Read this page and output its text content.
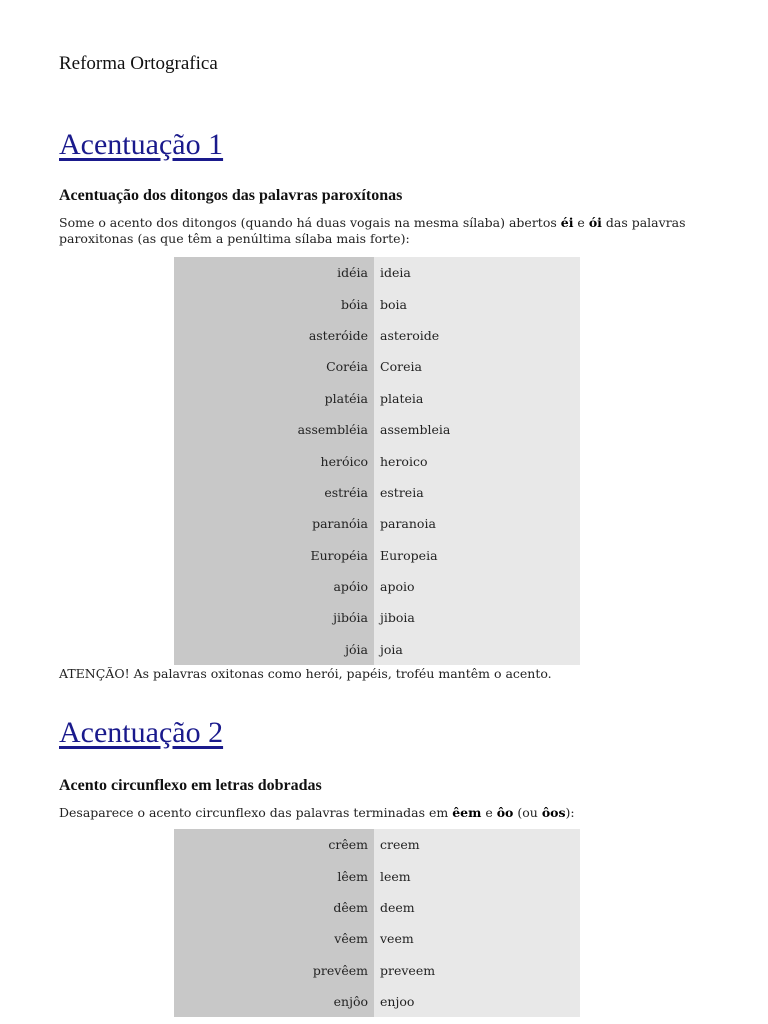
Reforma Ortografica
Acentuação 1
Acentuação dos ditongos das palavras paroxítonas
Some o acento dos ditongos (quando há duas vogais na mesma sílaba) abertos éi e ói das palavras paroxitonas (as que têm a penúltima sílaba mais forte):
idéia	ideia
bóia	boia
asteróide	asteroide
Coréia	Coreia
platéia	plateia
assembléia	assembleia
heróico	heroico
estréia	estreia
paranóia	paranoia
Européia	Europeia
apóio	apoio
jibóia	jiboia
jóia	joia
ATENÇÃO! As palavras oxitonas como herói, papéis, troféu mantêm o acento.
Acentuação 2
Acento circunflexo em letras dobradas
Desaparece o acento circunflexo das palavras terminadas em êem e ôo (ou ôos):
crêem	creem
lêem	leem
dêem	deem
vêem	veem
prevêem	preveem
enjôo	enjoo
